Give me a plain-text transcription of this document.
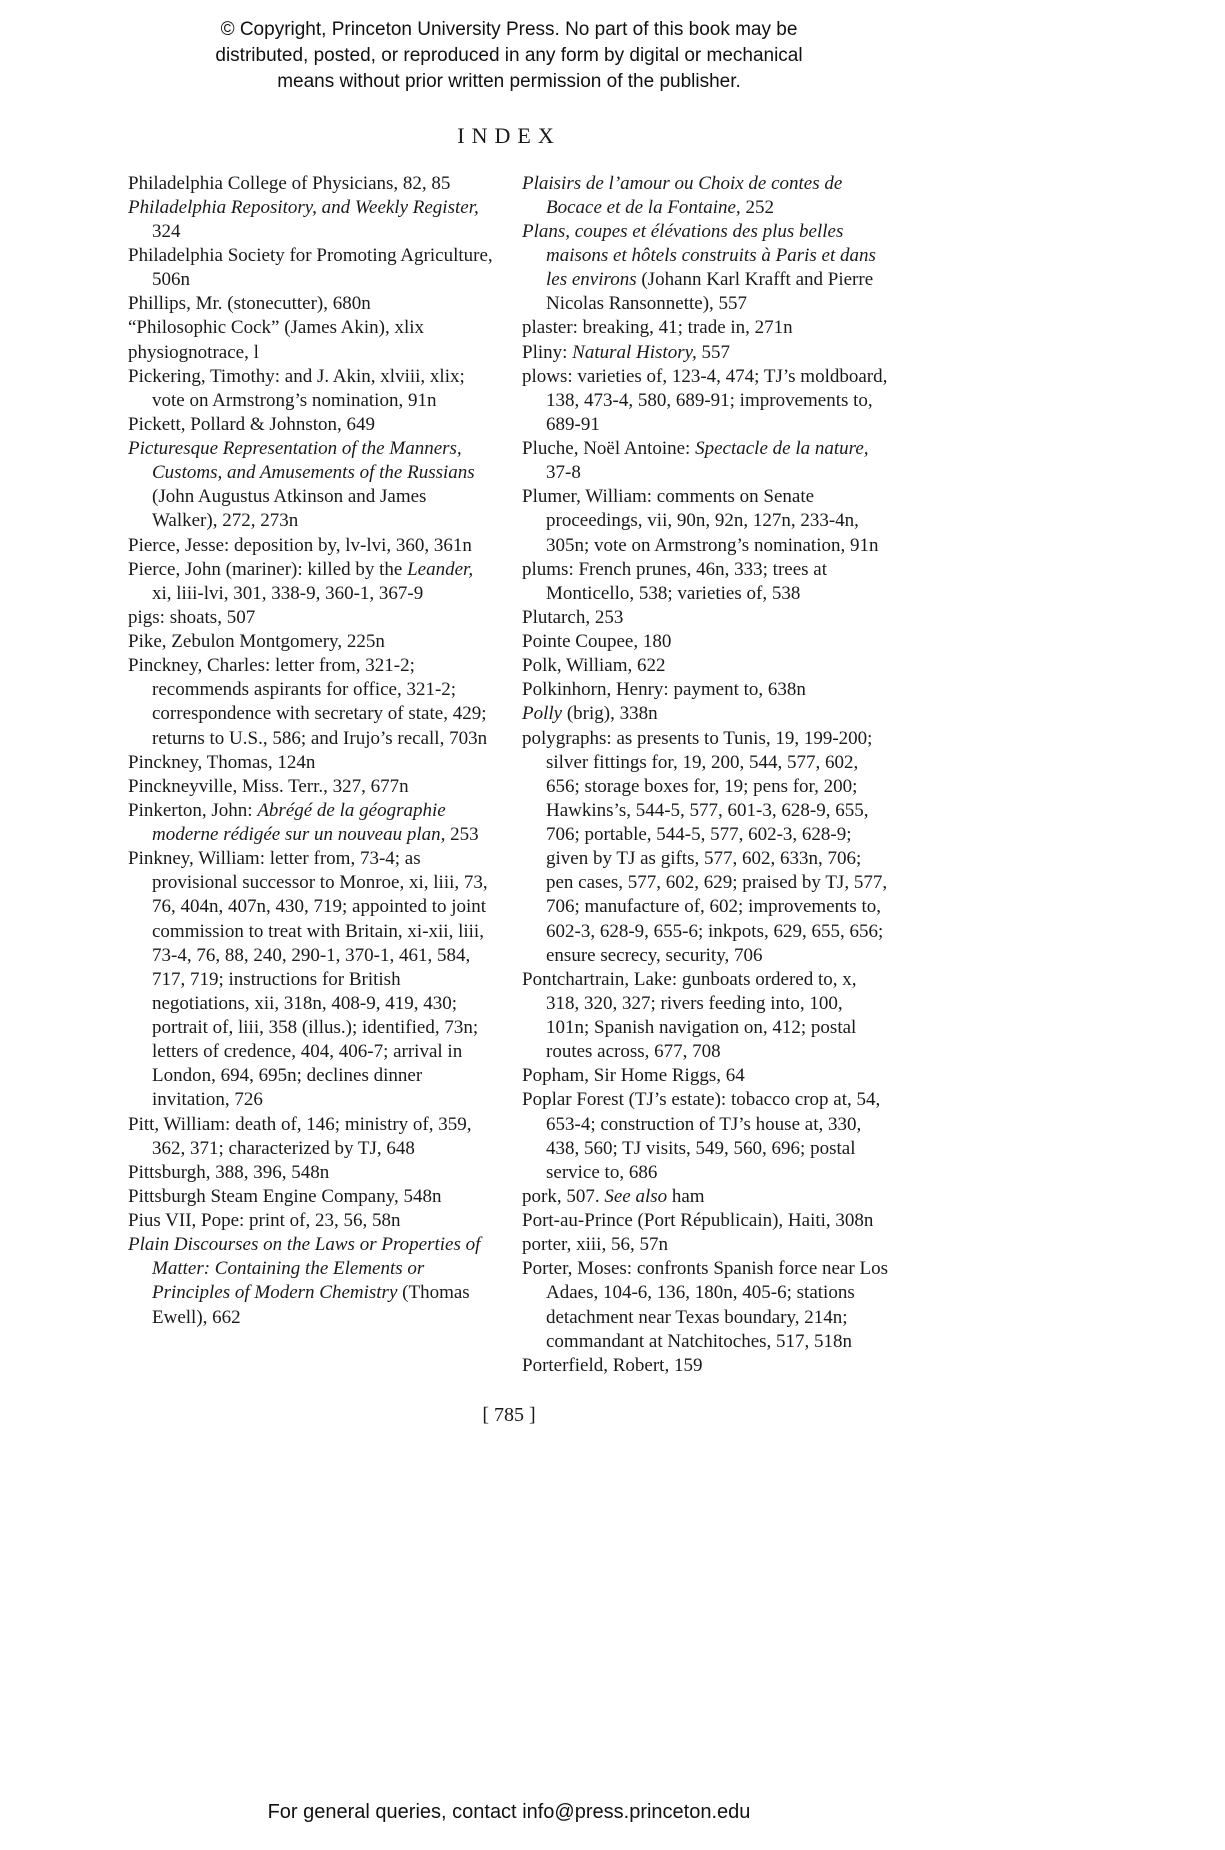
© Copyright, Princeton University Press. No part of this book may be distributed, posted, or reproduced in any form by digital or mechanical means without prior written permission of the publisher.
INDEX
Philadelphia College of Physicians, 82, 85
Philadelphia Repository, and Weekly Register, 324
Philadelphia Society for Promoting Agriculture, 506n
Phillips, Mr. (stonecutter), 680n
“Philosophic Cock” (James Akin), xlix
physiognotrace, l
Pickering, Timothy: and J. Akin, xlviii, xlix; vote on Armstrong’s nomination, 91n
Pickett, Pollard & Johnston, 649
Picturesque Representation of the Manners, Customs, and Amusements of the Russians (John Augustus Atkinson and James Walker), 272, 273n
Pierce, Jesse: deposition by, lv-lvi, 360, 361n
Pierce, John (mariner): killed by the Leander, xi, liii-lvi, 301, 338-9, 360-1, 367-9
pigs: shoats, 507
Pike, Zebulon Montgomery, 225n
Pinckney, Charles: letter from, 321-2; recommends aspirants for office, 321-2; correspondence with secretary of state, 429; returns to U.S., 586; and Irujo’s recall, 703n
Pinckney, Thomas, 124n
Pinckneyville, Miss. Terr., 327, 677n
Pinkerton, John: Abrégé de la géographie moderne rédigée sur un nouveau plan, 253
Pinkney, William: letter from, 73-4; as provisional successor to Monroe, xi, liii, 73, 76, 404n, 407n, 430, 719; appointed to joint commission to treat with Britain, xi-xii, liii, 73-4, 76, 88, 240, 290-1, 370-1, 461, 584, 717, 719; instructions for British negotiations, xii, 318n, 408-9, 419, 430; portrait of, liii, 358 (illus.); identified, 73n; letters of credence, 404, 406-7; arrival in London, 694, 695n; declines dinner invitation, 726
Pitt, William: death of, 146; ministry of, 359, 362, 371; characterized by TJ, 648
Pittsburgh, 388, 396, 548n
Pittsburgh Steam Engine Company, 548n
Pius VII, Pope: print of, 23, 56, 58n
Plain Discourses on the Laws or Properties of Matter: Containing the Elements or Principles of Modern Chemistry (Thomas Ewell), 662
Plaisirs de l’amour ou Choix de contes de Bocace et de la Fontaine, 252
Plans, coupes et élévations des plus belles maisons et hôtels construits à Paris et dans les environs (Johann Karl Krafft and Pierre Nicolas Ransonnette), 557
plaster: breaking, 41; trade in, 271n
Pliny: Natural History, 557
plows: varieties of, 123-4, 474; TJ’s moldboard, 138, 473-4, 580, 689-91; improvements to, 689-91
Pluche, Noël Antoine: Spectacle de la nature, 37-8
Plumer, William: comments on Senate proceedings, vii, 90n, 92n, 127n, 233-4n, 305n; vote on Armstrong’s nomination, 91n
plums: French prunes, 46n, 333; trees at Monticello, 538; varieties of, 538
Plutarch, 253
Pointe Coupee, 180
Polk, William, 622
Polkinhorn, Henry: payment to, 638n
Polly (brig), 338n
polygraphs: as presents to Tunis, 19, 199-200; silver fittings for, 19, 200, 544, 577, 602, 656; storage boxes for, 19; pens for, 200; Hawkins’s, 544-5, 577, 601-3, 628-9, 655, 706; portable, 544-5, 577, 602-3, 628-9; given by TJ as gifts, 577, 602, 633n, 706; pen cases, 577, 602, 629; praised by TJ, 577, 706; manufacture of, 602; improvements to, 602-3, 628-9, 655-6; inkpots, 629, 655, 656; ensure secrecy, security, 706
Pontchartrain, Lake: gunboats ordered to, x, 318, 320, 327; rivers feeding into, 100, 101n; Spanish navigation on, 412; postal routes across, 677, 708
Popham, Sir Home Riggs, 64
Poplar Forest (TJ’s estate): tobacco crop at, 54, 653-4; construction of TJ’s house at, 330, 438, 560; TJ visits, 549, 560, 696; postal service to, 686
pork, 507. See also ham
Port-au-Prince (Port Républicain), Haiti, 308n
porter, xiii, 56, 57n
Porter, Moses: confronts Spanish force near Los Adaes, 104-6, 136, 180n, 405-6; stations detachment near Texas boundary, 214n; commandant at Natchitoches, 517, 518n
Porterfield, Robert, 159
[ 785 ]
For general queries, contact info@press.princeton.edu
